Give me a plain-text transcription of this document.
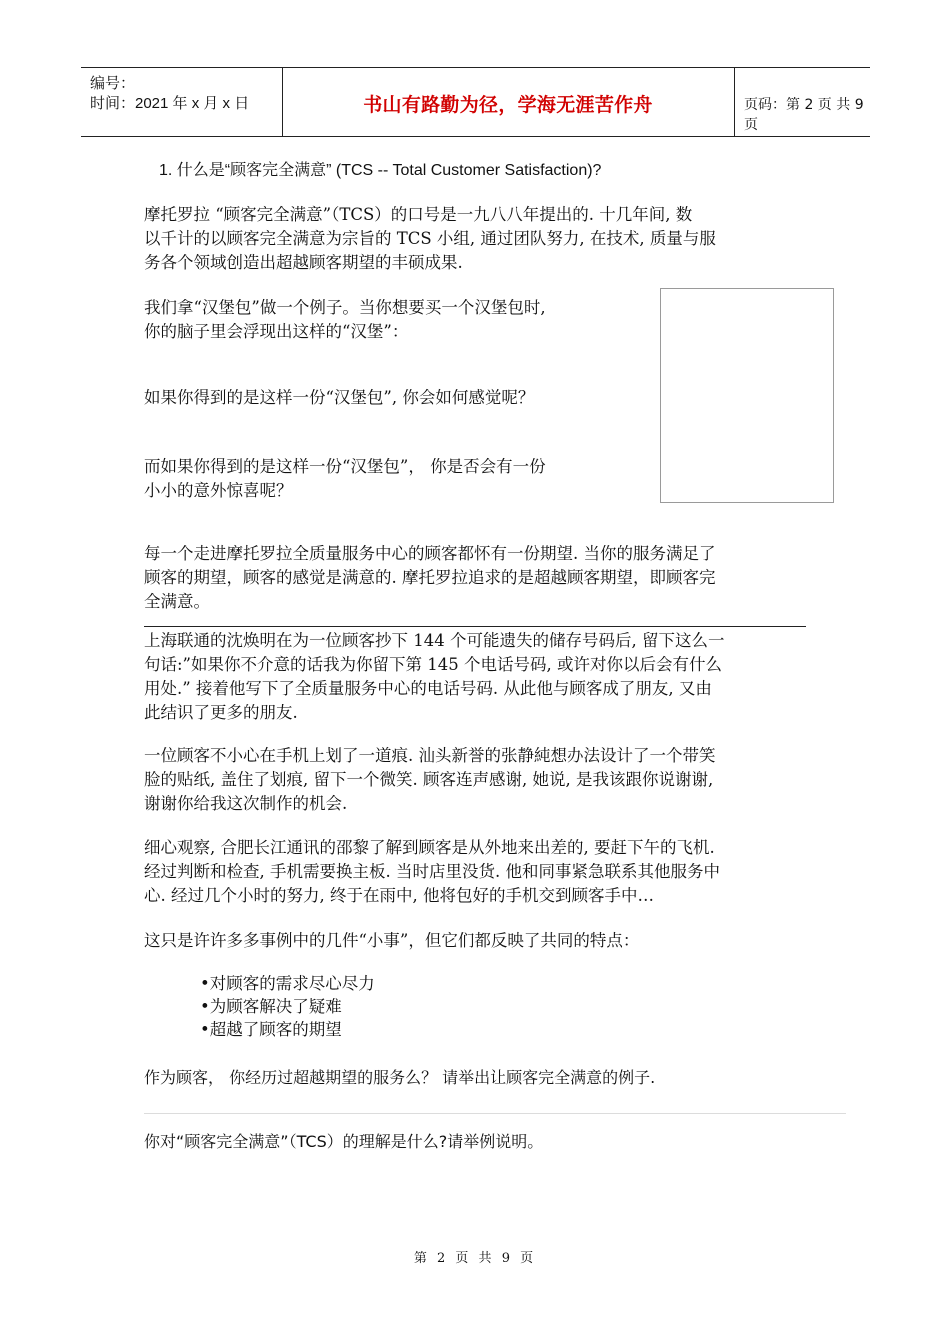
编号：
时间：2021 年 x 月 x 日	书山有路勤为径，学海无涯苦作舟	页码：第 2 页 共 9 页
1. 什么是“顾客完全满意” (TCS -- Total Customer Satisfaction)?
摩托罗拉 “顾客完全满意”（TCS）的口号是一九八八年提出的. 十几年间, 数
以千计的以顾客完全满意为宗旨的 TCS 小组, 通过团队努力, 在技术, 质量与服
务各个领域创造出超越顾客期望的丰硕成果.
我们拿“汉堡包”做一个例子。当你想要买一个汉堡包时,
你的脑子里会浮现出这样的“汉堡”：
如果你得到的是这样一份“汉堡包”, 你会如何感觉呢？
而如果你得到的是这样一份“汉堡包”， 你是否会有一份
小小的意外惊喜呢？
每一个走进摩托罗拉全质量服务中心的顾客都怀有一份期望. 当你的服务满足了
顾客的期望，顾客的感觉是满意的. 摩托罗拉追求的是超越顾客期望，即顾客完
全满意。
上海联通的沈焕明在为一位顾客抄下 144 个可能遗失的储存号码后, 留下这么一
句话:”如果你不介意的话我为你留下第 145 个电话号码, 或许对你以后会有什么
用处.” 接着他写下了全质量服务中心的电话号码. 从此他与顾客成了朋友, 又由
此结识了更多的朋友.
一位顾客不小心在手机上划了一道痕. 汕头新誉的张静純想办法设计了一个带笑
脸的贴纸, 盖住了划痕, 留下一个微笑. 顾客连声感谢, 她说, 是我该跟你说谢谢,
谢谢你给我这次制作的机会.
细心观察, 合肥长江通讯的邵黎了解到顾客是从外地来出差的, 要赶下午的飞机.
经过判断和检查, 手机需要换主板. 当时店里没货. 他和同事紧急联系其他服务中
心. 经过几个小时的努力, 终于在雨中, 他将包好的手机交到顾客手中…
这只是许许多多事例中的几件“小事”，但它们都反映了共同的特点：
•对顾客的需求尽心尽力
•为顾客解决了疑难
•超越了顾客的期望
作为顾客， 你经历过超越期望的服务么？ 请举出让顾客完全满意的例子.
你对“顾客完全满意”（TCS）的理解是什么?请举例说明。
第 2 页 共 9 页
